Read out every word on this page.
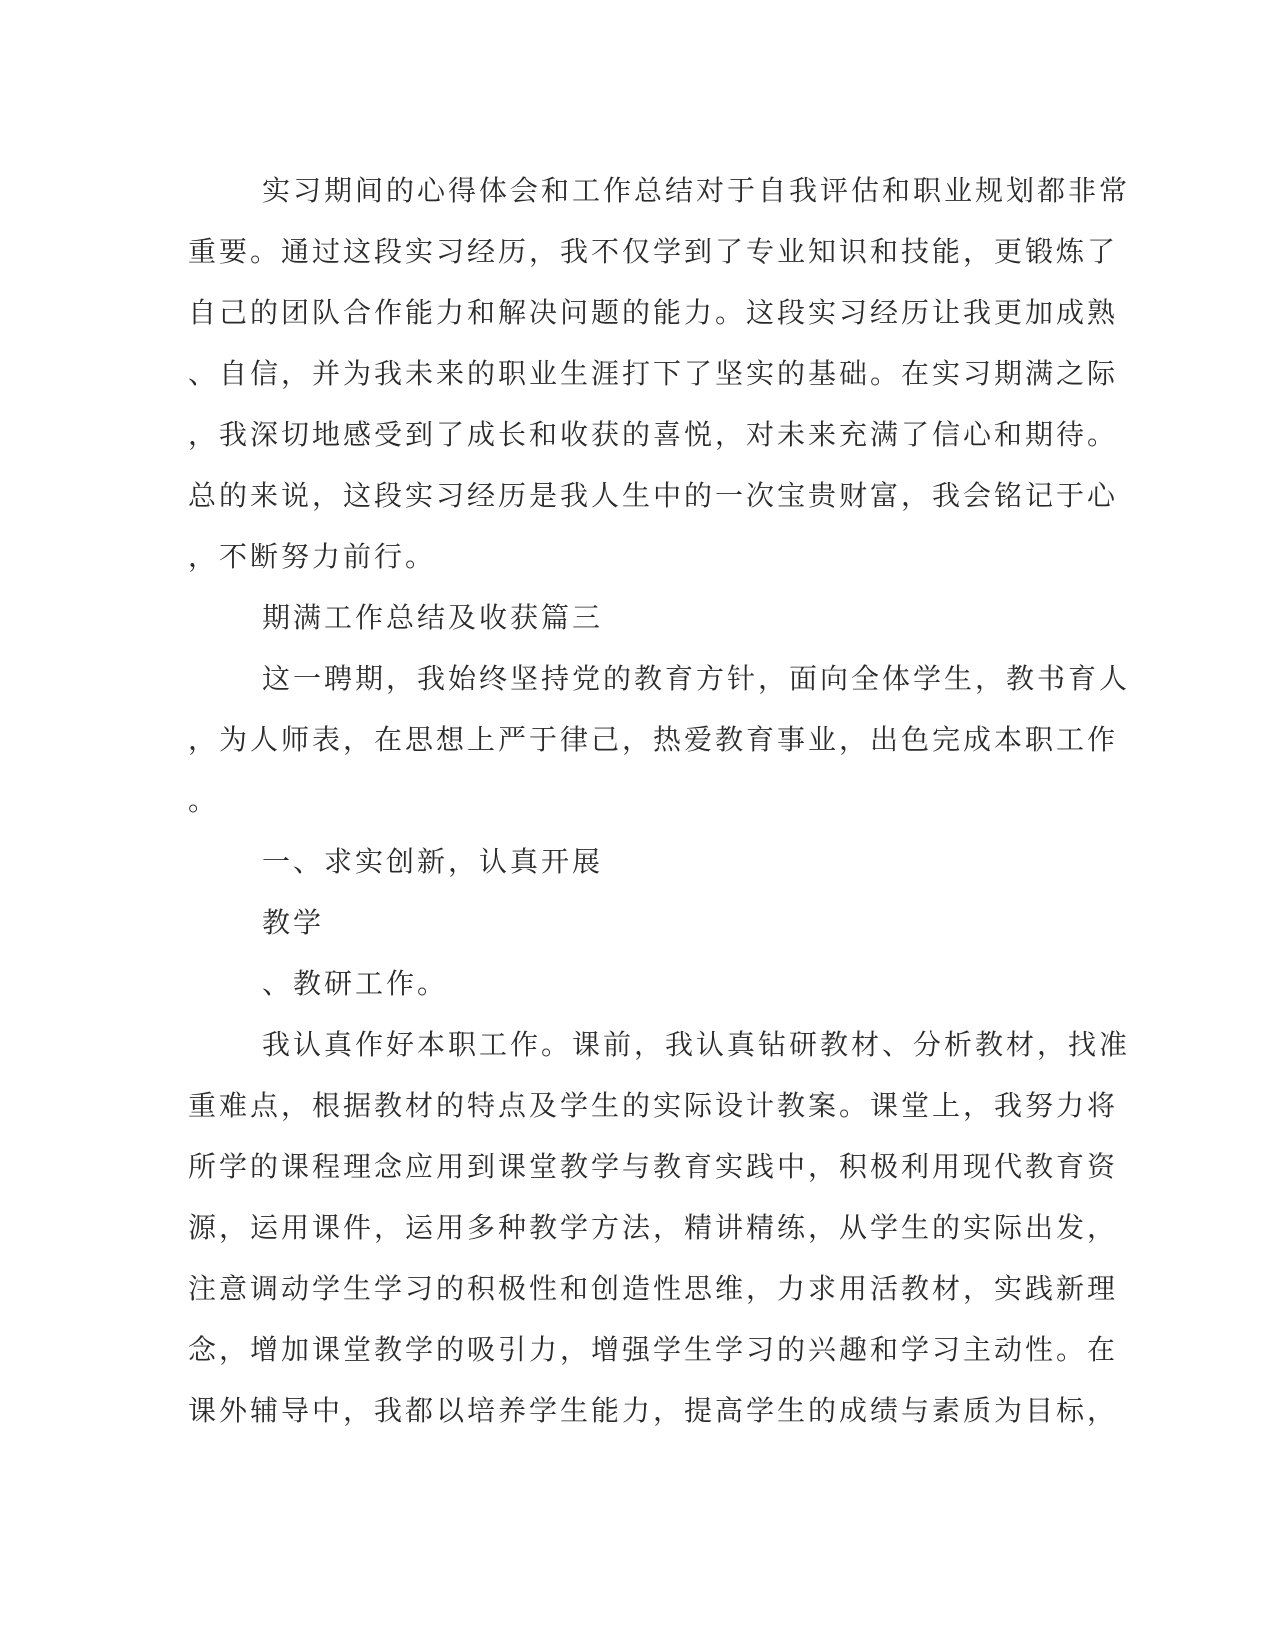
实习期间的心得体会和工作总结对于自我评估和职业规划都非常
重要。通过这段实习经历，我不仅学到了专业知识和技能，更锻炼了
自己的团队合作能力和解决问题的能力。这段实习经历让我更加成熟
、自信，并为我未来的职业生涯打下了坚实的基础。在实习期满之际
，我深切地感受到了成长和收获的喜悦，对未来充满了信心和期待。
总的来说，这段实习经历是我人生中的一次宝贵财富，我会铭记于心
，不断努力前行。
期满工作总结及收获篇三
这一聘期，我始终坚持党的教育方针，面向全体学生，教书育人
，为人师表，在思想上严于律己，热爱教育事业，出色完成本职工作
。
一、求实创新，认真开展
教学
、教研工作。
我认真作好本职工作。课前，我认真钻研教材、分析教材，找准
重难点，根据教材的特点及学生的实际设计教案。课堂上，我努力将
所学的课程理念应用到课堂教学与教育实践中，积极利用现代教育资
源，运用课件，运用多种教学方法，精讲精练，从学生的实际出发，
注意调动学生学习的积极性和创造性思维，力求用活教材，实践新理
念，增加课堂教学的吸引力，增强学生学习的兴趣和学习主动性。在
课外辅导中，我都以培养学生能力，提高学生的成绩与素质为目标，
